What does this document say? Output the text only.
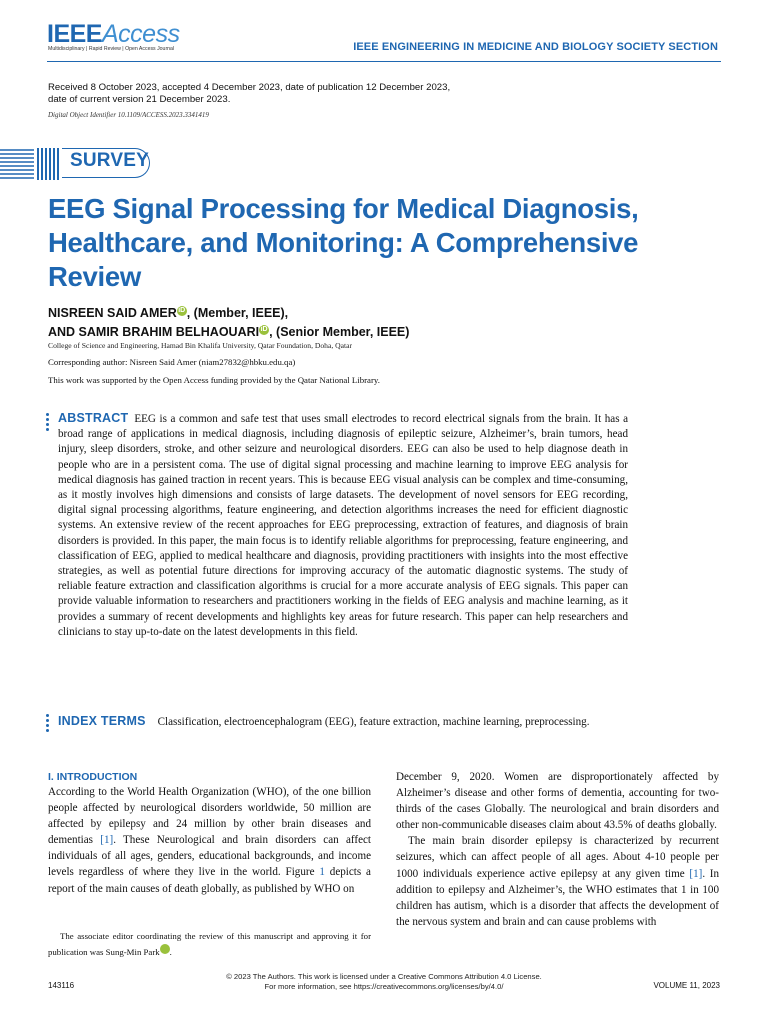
IEEEAccess
Multidisciplinary | Rapid Review | Open Access Journal	IEEE ENGINEERING IN MEDICINE AND BIOLOGY SOCIETY SECTION
Received 8 October 2023, accepted 4 December 2023, date of publication 12 December 2023,
date of current version 21 December 2023.
Digital Object Identifier 10.1109/ACCESS.2023.3341419
SURVEY
EEG Signal Processing for Medical Diagnosis, Healthcare, and Monitoring: A Comprehensive Review
NISREEN SAID AMER iD , (Member, IEEE),
AND SAMIR BRAHIM BELHAOUARI iD , (Senior Member, IEEE)
College of Science and Engineering, Hamad Bin Khalifa University, Qatar Foundation, Doha, Qatar
Corresponding author: Nisreen Said Amer (niam27832@hbku.edu.qa)
This work was supported by the Open Access funding provided by the Qatar National Library.
ABSTRACT EEG is a common and safe test that uses small electrodes to record electrical signals from the brain. It has a broad range of applications in medical diagnosis, including diagnosis of epileptic seizure, Alzheimer’s, brain tumors, head injury, sleep disorders, stroke, and other seizure and neurological disorders. EEG can also be used to help diagnose death in people who are in a persistent coma. The use of digital signal processing and machine learning to improve EEG analysis for medical diagnosis has gained traction in recent years. This is because EEG visual analysis can be complex and time-consuming, as it mostly involves high dimensions and consists of large datasets. The development of novel sensors for EEG recording, digital signal processing algorithms, feature engineering, and detection algorithms increases the need for efficient diagnostic systems. An extensive review of the recent approaches for EEG preprocessing, extraction of features, and diagnosis of brain disorders is provided. In this paper, the main focus is to identify reliable algorithms for preprocessing, feature engineering, and classification of EEG, applied to medical healthcare and diagnosis, providing practitioners with insights into the most effective strategies, as well as potential future directions for improving accuracy of the automatic diagnostic systems. The study of reliable feature extraction and classification algorithms is crucial for a more accurate analysis of EEG signals. This paper can provide valuable information to researchers and practitioners working in the fields of EEG analysis and machine learning, as it provides a summary of recent developments and highlights key areas for future research. This paper can help researchers and clinicians to stay up-to-date on the latest developments in this field.
INDEX TERMS Classification, electroencephalogram (EEG), feature extraction, machine learning, preprocessing.
I. INTRODUCTION
According to the World Health Organization (WHO), of the one billion people affected by neurological disorders worldwide, 50 million are affected by epilepsy and 24 million by other brain diseases and dementias [1]. These Neurological and brain disorders can affect individuals of all ages, genders, educational backgrounds, and income levels regardless of where they live in the world. Figure 1 depicts a report of the main causes of death globally, as published by WHO on

December 9, 2020. Women are disproportionately affected by Alzheimer’s disease and other forms of dementia, accounting for two-thirds of the cases Globally. The neurological and brain disorders and other non-communicable diseases claim about 43.5% of deaths globally.

The main brain disorder epilepsy is characterized by recurrent seizures, which can affect people of all ages. About 4-10 people per 1000 individuals experience active epilepsy at any given time [1]. In addition to epilepsy and Alzheimer’s, the WHO estimates that 1 in 100 children has autism, which is a disorder that affects the development of the nervous system and brain and can cause problems with

The associate editor coordinating the review of this manuscript and approving it for publication was Sung-Min Park iD.
143116
© 2023 The Authors. This work is licensed under a Creative Commons Attribution 4.0 License.
For more information, see https://creativecommons.org/licenses/by/4.0/	VOLUME 11, 2023
